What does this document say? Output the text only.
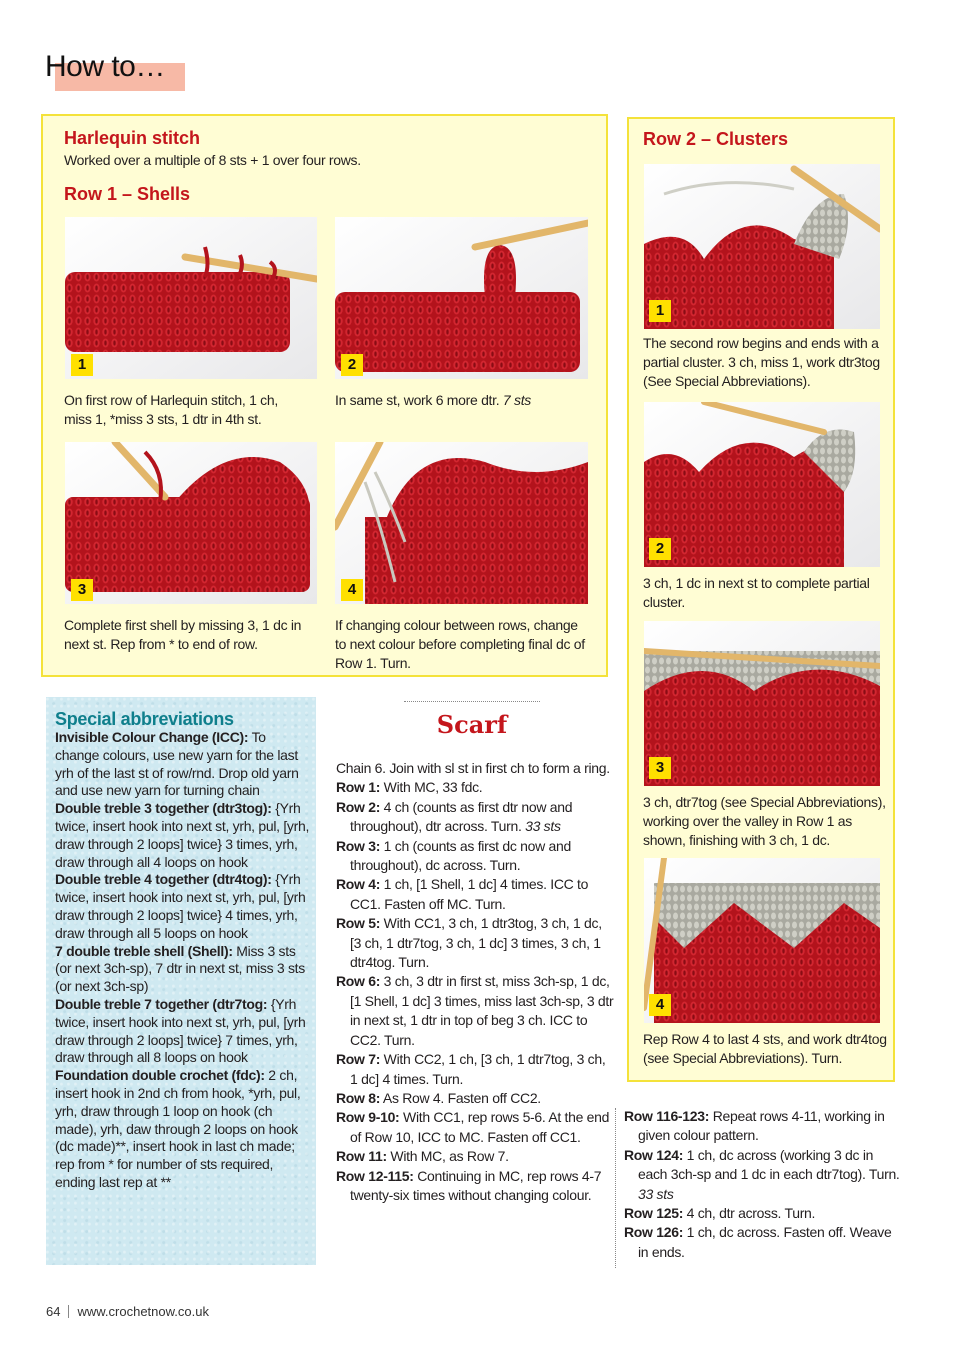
How to…
Harlequin stitch
Worked over a multiple of 8 sts + 1 over four rows.
Row 1 – Shells
1
On first row of Harlequin stitch, 1 ch, miss 1, *miss 3 sts, 1 dtr in 4th st.
2
In same st, work 6 more dtr. 7 sts
3
Complete first shell by missing 3, 1 dc in next st. Rep from * to end of row.
4
If changing colour between rows, change to next colour before completing final dc of Row 1. Turn.
Row 2 – Clusters
1
The second row begins and ends with a partial cluster. 3 ch, miss 1, work dtr3tog (See Special Abbreviations).
2
3 ch, 1 dc in next st to complete partial cluster.
3
3 ch, dtr7tog (see Special Abbreviations), working over the valley in Row 1 as shown, finishing with 3 ch, 1 dc.
4
Rep Row 4 to last 4 sts, and work dtr4tog (see Special Abbreviations). Turn.
Special abbreviations
Invisible Colour Change (ICC): To change colours, use new yarn for the last yrh of the last st of row/rnd. Drop old yarn and use new yarn for turning chain
Double treble 3 together (dtr3tog): {Yrh twice, insert hook into next st, yrh, pul, [yrh, draw through 2 loops] twice} 3 times, yrh, draw through all 4 loops on hook
Double treble 4 together (dtr4tog): {Yrh twice, insert hook into next st, yrh, pul, [yrh draw through 2 loops] twice} 4 times, yrh, draw through all 5 loops on hook
7 double treble shell (Shell): Miss 3 sts (or next 3ch-sp), 7 dtr in next st, miss 3 sts (or next 3ch-sp)
Double treble 7 together (dtr7tog: {Yrh twice, insert hook into next st, yrh, pul, [yrh draw through 2 loops] twice} 7 times, yrh, draw through all 8 loops on hook
Foundation double crochet (fdc): 2 ch, insert hook in 2nd ch from hook, *yrh, pul, yrh, draw through 1 loop on hook (ch made), yrh, daw through 2 loops on hook (dc made)**, insert hook in last ch made; rep from * for number of sts required, ending last rep at **
Scarf
Chain 6. Join with sl st in first ch to form a ring.
Row 1: With MC, 33 fdc.
Row 2: 4 ch (counts as first dtr now and throughout), dtr across. Turn. 33 sts
Row 3: 1 ch (counts as first dc now and throughout), dc across. Turn.
Row 4: 1 ch, [1 Shell, 1 dc] 4 times. ICC to CC1. Fasten off MC. Turn.
Row 5: With CC1, 3 ch, 1 dtr3tog, 3 ch, 1 dc, [3 ch, 1 dtr7tog, 3 ch, 1 dc] 3 times, 3 ch, 1 dtr4tog. Turn.
Row 6: 3 ch, 3 dtr in first st, miss 3ch-sp, 1 dc, [1 Shell, 1 dc] 3 times, miss last 3ch-sp, 3 dtr in next st, 1 dtr in top of beg 3 ch. ICC to CC2. Turn.
Row 7: With CC2, 1 ch, [3 ch, 1 dtr7tog, 3 ch, 1 dc] 4 times. Turn.
Row 8: As Row 4. Fasten off CC2.
Row 9-10: With CC1, rep rows 5-6. At the end of Row 10, ICC to MC. Fasten off CC1.
Row 11: With MC, as Row 7.
Row 12-115: Continuing in MC, rep rows 4-7 twenty-six times without changing colour.
Row 116-123: Repeat rows 4-11, working in given colour pattern.
Row 124: 1 ch, dc across (working 3 dc in each 3ch-sp and 1 dc in each dtr7tog). Turn. 33 sts
Row 125: 4 ch, dtr across. Turn.
Row 126: 1 ch, dc across. Fasten off. Weave in ends.
64 www.crochetnow.co.uk
